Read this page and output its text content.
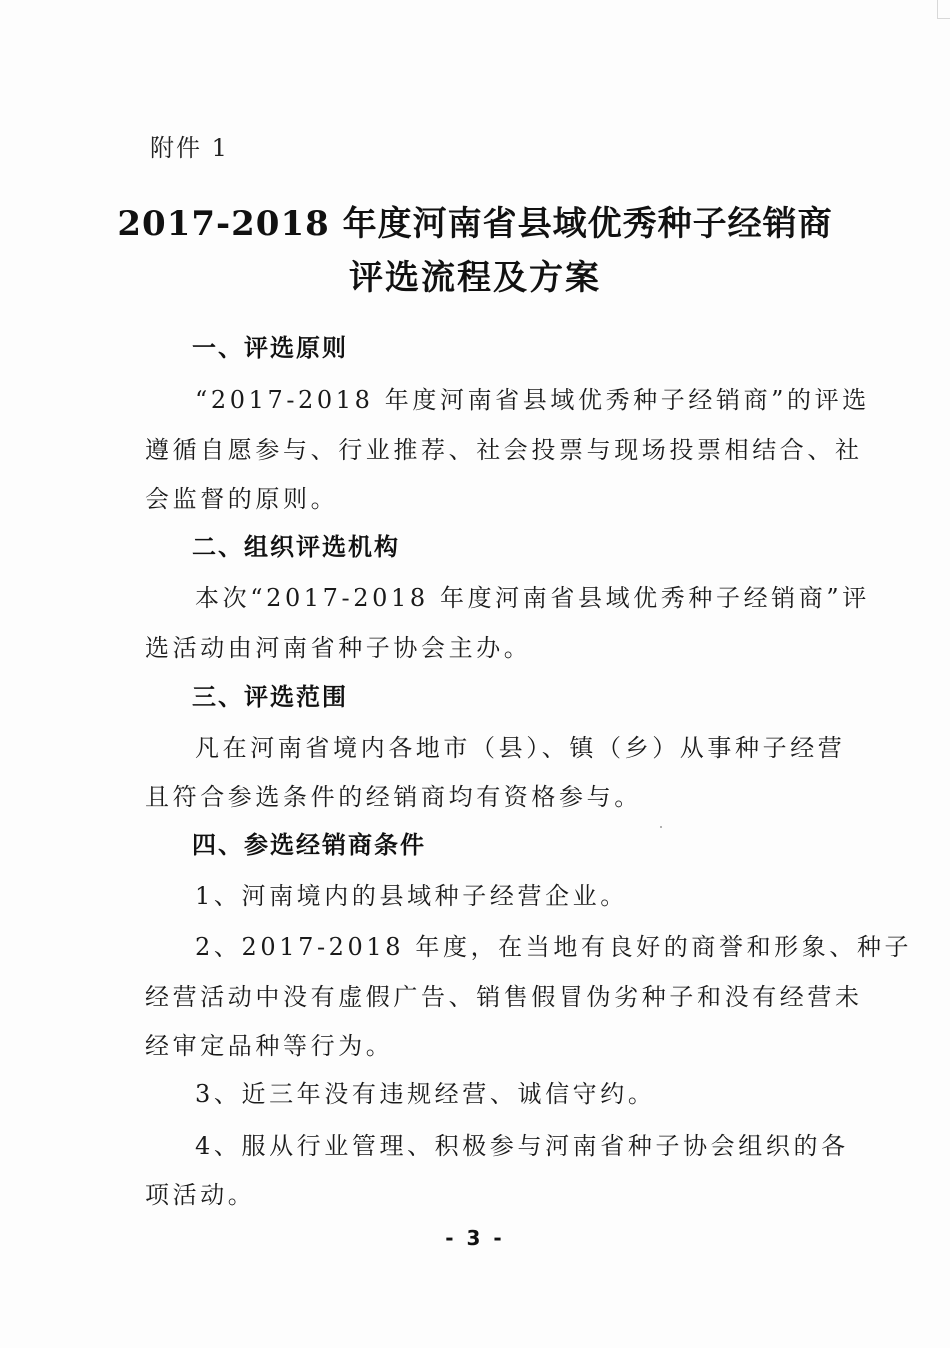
附件 1
2017-2018 年度河南省县域优秀种子经销商
评选流程及方案
一、评选原则
“2017-2018 年度河南省县域优秀种子经销商”的评选
遵循自愿参与、行业推荐、社会投票与现场投票相结合、社
会监督的原则。
二、组织评选机构
本次“2017-2018 年度河南省县域优秀种子经销商”评
选活动由河南省种子协会主办。
三、评选范围
凡在河南省境内各地市（县）、镇（乡）从事种子经营
且符合参选条件的经销商均有资格参与。
四、参选经销商条件
1、河南境内的县域种子经营企业。
2、2017-2018 年度，在当地有良好的商誉和形象、种子
经营活动中没有虚假广告、销售假冒伪劣种子和没有经营未
经审定品种等行为。
3、近三年没有违规经营、诚信守约。
4、服从行业管理、积极参与河南省种子协会组织的各
项活动。
- 3 -
